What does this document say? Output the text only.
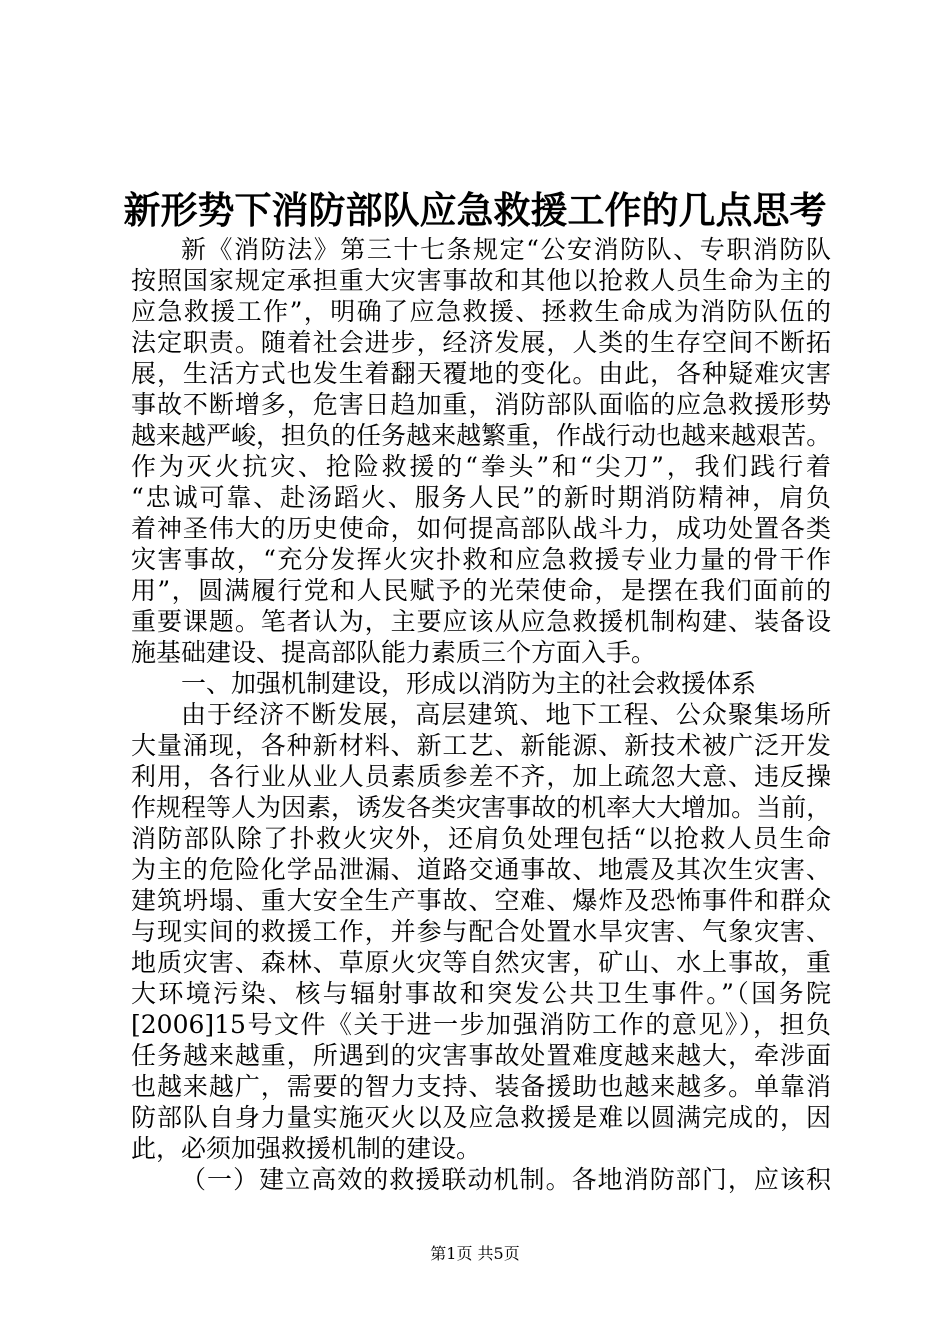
新形势下消防部队应急救援工作的几点思考

新《消防法》第三十七条规定“公安消防队、专职消防队
按照国家规定承担重大灾害事故和其他以抢救人员生命为主的
应急救援工作”，明确了应急救援、拯救生命成为消防队伍的
法定职责。随着社会进步，经济发展，人类的生存空间不断拓
展，生活方式也发生着翻天覆地的变化。由此，各种疑难灾害
事故不断增多，危害日趋加重，消防部队面临的应急救援形势
越来越严峻，担负的任务越来越繁重，作战行动也越来越艰苦。
作为灭火抗灾、抢险救援的“拳头”和“尖刀”，我们践行着
“忠诚可靠、赴汤蹈火、服务人民”的新时期消防精神，肩负
着神圣伟大的历史使命，如何提高部队战斗力，成功处置各类
灾害事故，“充分发挥火灾扑救和应急救援专业力量的骨干作
用”，圆满履行党和人民赋予的光荣使命，是摆在我们面前的
重要课题。笔者认为，主要应该从应急救援机制构建、装备设
施基础建设、提高部队能力素质三个方面入手。

一、加强机制建设，形成以消防为主的社会救援体系

由于经济不断发展，高层建筑、地下工程、公众聚集场所
大量涌现，各种新材料、新工艺、新能源、新技术被广泛开发
利用，各行业从业人员素质参差不齐，加上疏忽大意、违反操
作规程等人为因素，诱发各类灾害事故的机率大大增加。当前，
消防部队除了扑救火灾外，还肩负处理包括“以抢救人员生命
为主的危险化学品泄漏、道路交通事故、地震及其次生灾害、
建筑坍塌、重大安全生产事故、空难、爆炸及恐怖事件和群众
与现实间的救援工作，并参与配合处置水旱灾害、气象灾害、
地质灾害、森林、草原火灾等自然灾害，矿山、水上事故，重
大环境污染、核与辐射事故和突发公共卫生事件。”（国务院
[2006]15号文件《关于进一步加强消防工作的意见》），担负
任务越来越重，所遇到的灾害事故处置难度越来越大，牵涉面
也越来越广，需要的智力支持、装备援助也越来越多。单靠消
防部队自身力量实施灭火以及应急救援是难以圆满完成的，因
此，必须加强救援机制的建设。

（一）建立高效的救援联动机制。各地消防部门，应该积

第1页 共5页
